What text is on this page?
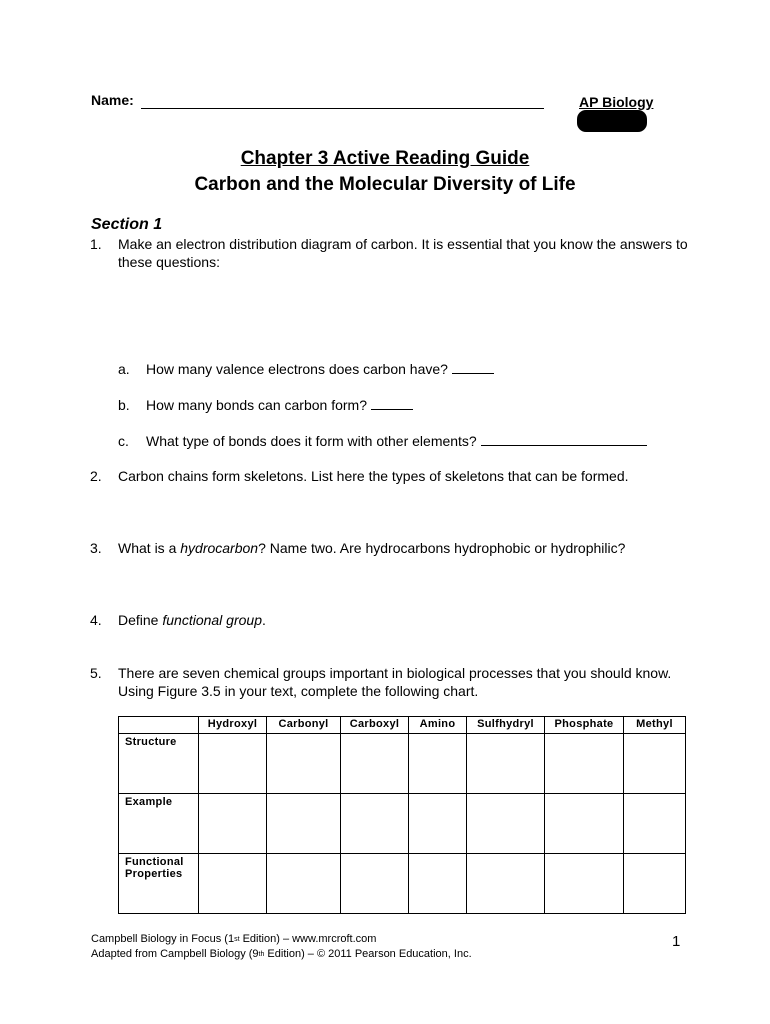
Name:	AP Biology
Chapter 3 Active Reading Guide
Carbon and the Molecular Diversity of Life
Section 1
1. Make an electron distribution diagram of carbon. It is essential that you know the answers to these questions:
a. How many valence electrons does carbon have?
b. How many bonds can carbon form?
c. What type of bonds does it form with other elements?
2. Carbon chains form skeletons. List here the types of skeletons that can be formed.
3. What is a hydrocarbon? Name two. Are hydrocarbons hydrophobic or hydrophilic?
4. Define functional group.
5. There are seven chemical groups important in biological processes that you should know. Using Figure 3.5 in your text, complete the following chart.
	Hydroxyl	Carbonyl	Carboxyl	Amino	Sulfhydryl	Phosphate	Methyl
Structure							
Example							
Functional
Properties							
Campbell Biology in Focus (1st Edition) – www.mrcroft.com
Adapted from Campbell Biology (9th Edition) – © 2011 Pearson Education, Inc.
1
